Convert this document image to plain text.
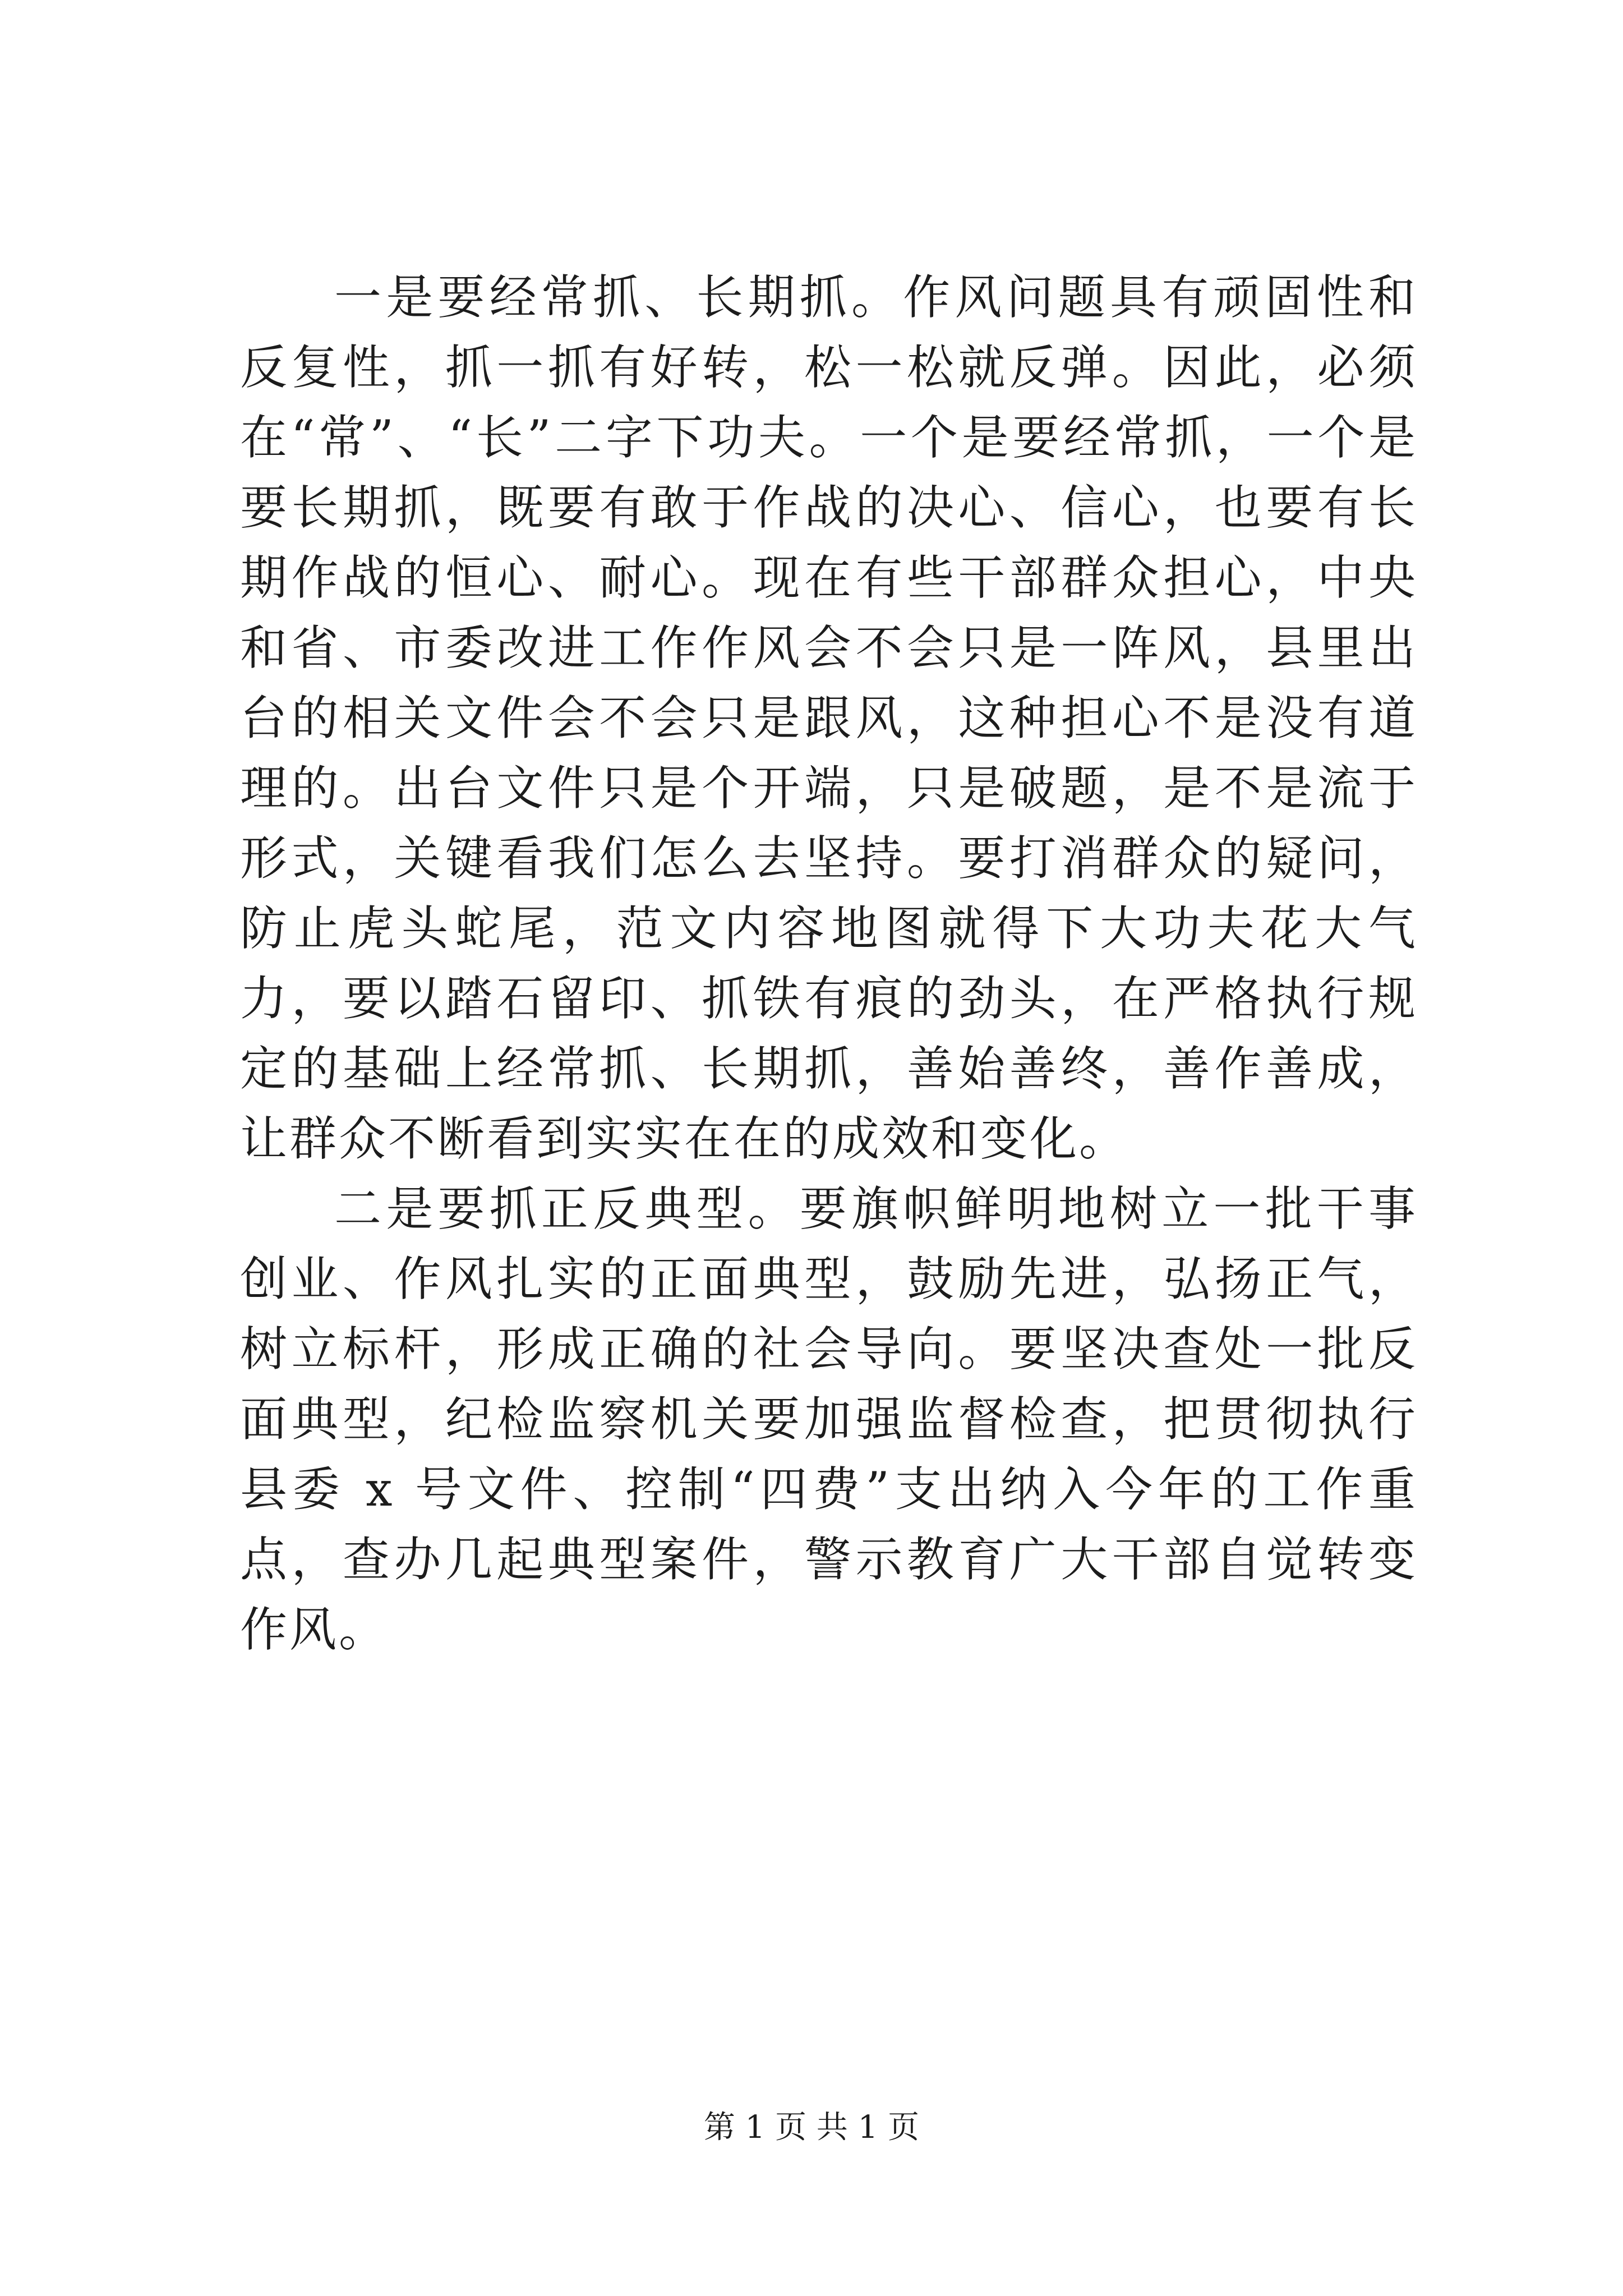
一是要经常抓、长期抓。作风问题具有顽固性和反复性，抓一抓有好转，松一松就反弹。因此，必须在“常”、“长”二字下功夫。一个是要经常抓，一个是要长期抓，既要有敢于作战的决心、信心，也要有长期作战的恒心、耐心。现在有些干部群众担心，中央和省、市委改进工作作风会不会只是一阵风，县里出台的相关文件会不会只是跟风，这种担心不是没有道理的。出台文件只是个开端，只是破题，是不是流于形式，关键看我们怎么去坚持。要打消群众的疑问，防止虎头蛇尾，范文内容地图就得下大功夫花大气力，要以踏石留印、抓铁有痕的劲头，在严格执行规定的基础上经常抓、长期抓，善始善终，善作善成，让群众不断看到实实在在的成效和变化。

二是要抓正反典型。要旗帜鲜明地树立一批干事创业、作风扎实的正面典型，鼓励先进，弘扬正气，树立标杆，形成正确的社会导向。要坚决查处一批反面典型，纪检监察机关要加强监督检查，把贯彻执行县委 x 号文件、控制“四费”支出纳入今年的工作重点，查办几起典型案件，警示教育广大干部自觉转变作风。

第 1 页 共 1 页
